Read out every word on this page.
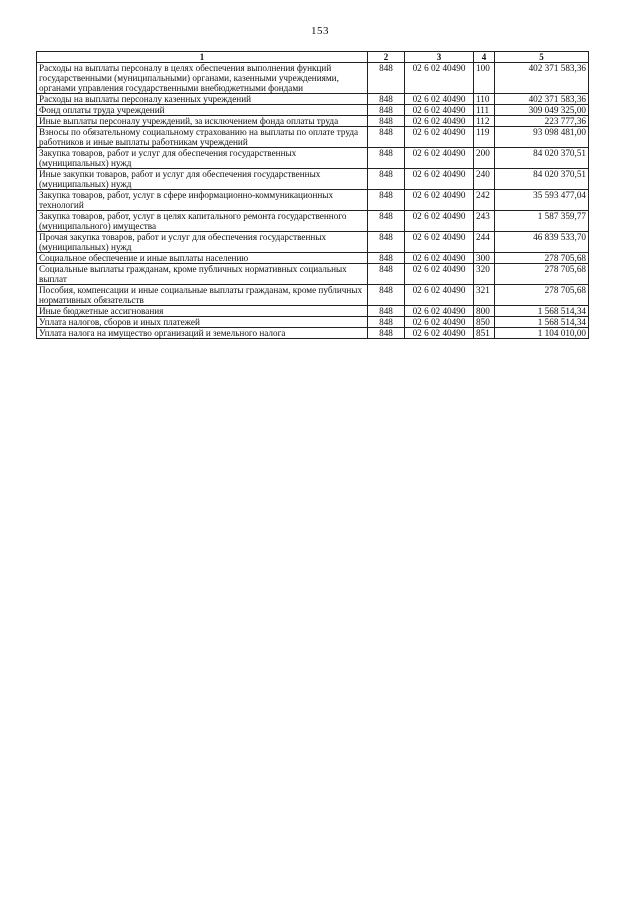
153
1	2	3	4	5
Расходы на выплаты персоналу в целях обеспечения выполнения функций государственными (муниципальными) органами, казенными учреждениями, органами управления государственными внебюджетными фондами	848	02 6 02 40490	100	402 371 583,36
Расходы на выплаты персоналу казенных учреждений	848	02 6 02 40490	110	402 371 583,36
Фонд оплаты труда учреждений	848	02 6 02 40490	111	309 049 325,00
Иные выплаты персоналу учреждений, за исключением фонда оплаты труда	848	02 6 02 40490	112	223 777,36
Взносы по обязательному социальному страхованию на выплаты по оплате труда работников и иные выплаты работникам учреждений	848	02 6 02 40490	119	93 098 481,00
Закупка товаров, работ и услуг для обеспечения государственных (муниципальных) нужд	848	02 6 02 40490	200	84 020 370,51
Иные закупки товаров, работ и услуг для обеспечения государственных (муниципальных) нужд	848	02 6 02 40490	240	84 020 370,51
Закупка товаров, работ, услуг в сфере информационно-коммуникационных технологий	848	02 6 02 40490	242	35 593 477,04
Закупка товаров, работ, услуг в целях капитального ремонта государственного (муниципального) имущества	848	02 6 02 40490	243	1 587 359,77
Прочая закупка товаров, работ и услуг для обеспечения государственных (муниципальных) нужд	848	02 6 02 40490	244	46 839 533,70
Социальное обеспечение и иные выплаты населению	848	02 6 02 40490	300	278 705,68
Социальные выплаты гражданам, кроме публичных нормативных социальных выплат	848	02 6 02 40490	320	278 705,68
Пособия, компенсации и иные социальные выплаты гражданам, кроме публичных нормативных обязательств	848	02 6 02 40490	321	278 705,68
Иные бюджетные ассигнования	848	02 6 02 40490	800	1 568 514,34
Уплата налогов, сборов и иных платежей	848	02 6 02 40490	850	1 568 514,34
Уплата налога на имущество организаций и земельного налога	848	02 6 02 40490	851	1 104 010,00
